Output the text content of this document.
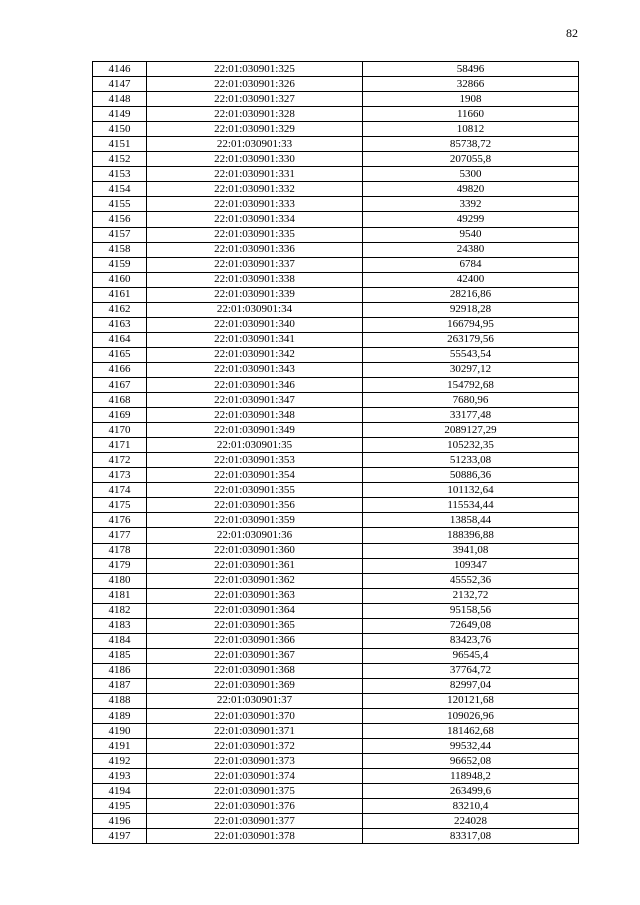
82
4146	22:01:030901:325	58496
4147	22:01:030901:326	32866
4148	22:01:030901:327	1908
4149	22:01:030901:328	11660
4150	22:01:030901:329	10812
4151	22:01:030901:33	85738,72
4152	22:01:030901:330	207055,8
4153	22:01:030901:331	5300
4154	22:01:030901:332	49820
4155	22:01:030901:333	3392
4156	22:01:030901:334	49299
4157	22:01:030901:335	9540
4158	22:01:030901:336	24380
4159	22:01:030901:337	6784
4160	22:01:030901:338	42400
4161	22:01:030901:339	28216,86
4162	22:01:030901:34	92918,28
4163	22:01:030901:340	166794,95
4164	22:01:030901:341	263179,56
4165	22:01:030901:342	55543,54
4166	22:01:030901:343	30297,12
4167	22:01:030901:346	154792,68
4168	22:01:030901:347	7680,96
4169	22:01:030901:348	33177,48
4170	22:01:030901:349	2089127,29
4171	22:01:030901:35	105232,35
4172	22:01:030901:353	51233,08
4173	22:01:030901:354	50886,36
4174	22:01:030901:355	101132,64
4175	22:01:030901:356	115534,44
4176	22:01:030901:359	13858,44
4177	22:01:030901:36	188396,88
4178	22:01:030901:360	3941,08
4179	22:01:030901:361	109347
4180	22:01:030901:362	45552,36
4181	22:01:030901:363	2132,72
4182	22:01:030901:364	95158,56
4183	22:01:030901:365	72649,08
4184	22:01:030901:366	83423,76
4185	22:01:030901:367	96545,4
4186	22:01:030901:368	37764,72
4187	22:01:030901:369	82997,04
4188	22:01:030901:37	120121,68
4189	22:01:030901:370	109026,96
4190	22:01:030901:371	181462,68
4191	22:01:030901:372	99532,44
4192	22:01:030901:373	96652,08
4193	22:01:030901:374	118948,2
4194	22:01:030901:375	263499,6
4195	22:01:030901:376	83210,4
4196	22:01:030901:377	224028
4197	22:01:030901:378	83317,08
